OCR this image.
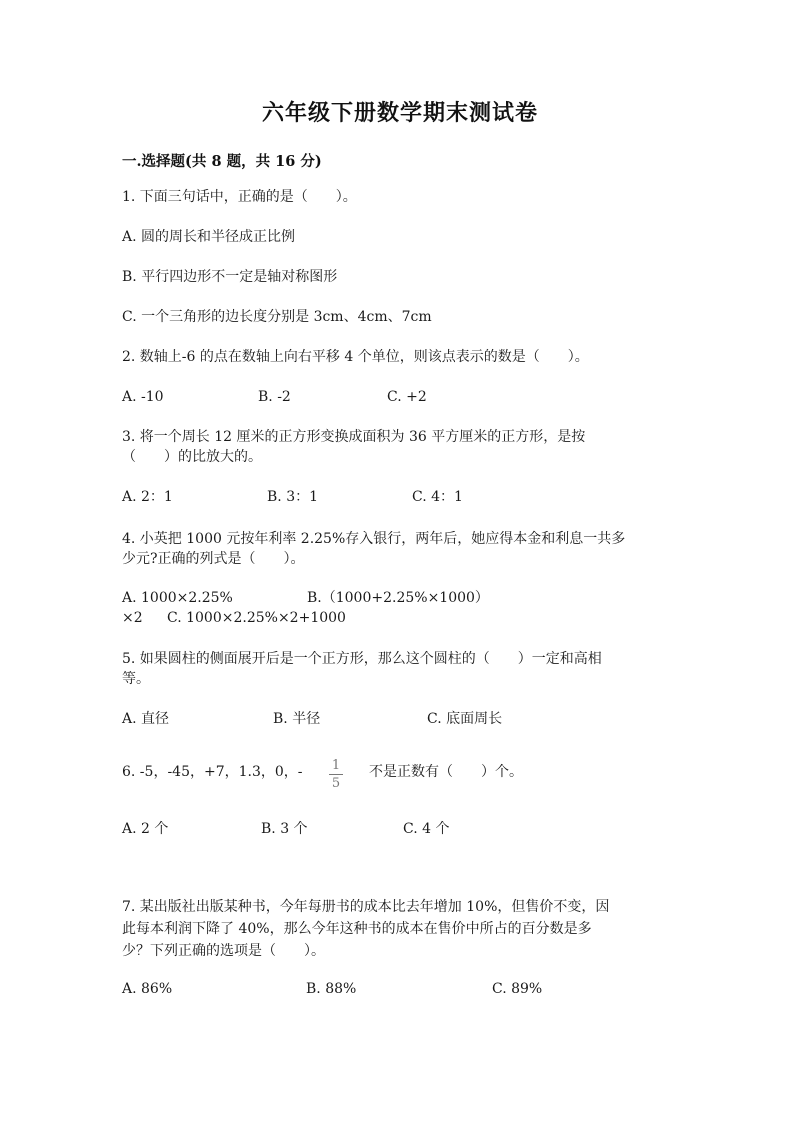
六年级下册数学期末测试卷
一.选择题(共 8 题，共 16 分)
1. 下面三句话中，正确的是（　　）。
A. 圆的周长和半径成正比例
B. 平行四边形不一定是轴对称图形
C. 一个三角形的边长度分别是 3cm、4cm、7cm
2. 数轴上-6 的点在数轴上向右平移 4 个单位，则该点表示的数是（　　）。
A. -10	B. -2	C. +2
3. 将一个周长 12 厘米的正方形变换成面积为 36 平方厘米的正方形，是按
（　　）的比放大的。
A. 2：1	B. 3：1	C. 4：1
4. 小英把 1000 元按年利率 2.25%存入银行，两年后，她应得本金和利息一共多
少元?正确的列式是（　　）。
A. 1000×2.25%	B.（1000+2.25%×1000）
×2 C. 1000×2.25%×2+1000
5. 如果圆柱的侧面展开后是一个正方形，那么这个圆柱的（　　）一定和高相
等。
A. 直径	B. 半径	C. 底面周长
6. -5，-45，+7，1.3，0，- 1
5
不是正数有（　　）个。
A. 2 个	B. 3 个	C. 4 个
7. 某出版社出版某种书，今年每册书的成本比去年增加 10%，但售价不变，因
此每本利润下降了 40%，那么今年这种书的成本在售价中所占的百分数是多
少？下列正确的选项是（　　）。
A. 86%	B. 88%	C. 89%
